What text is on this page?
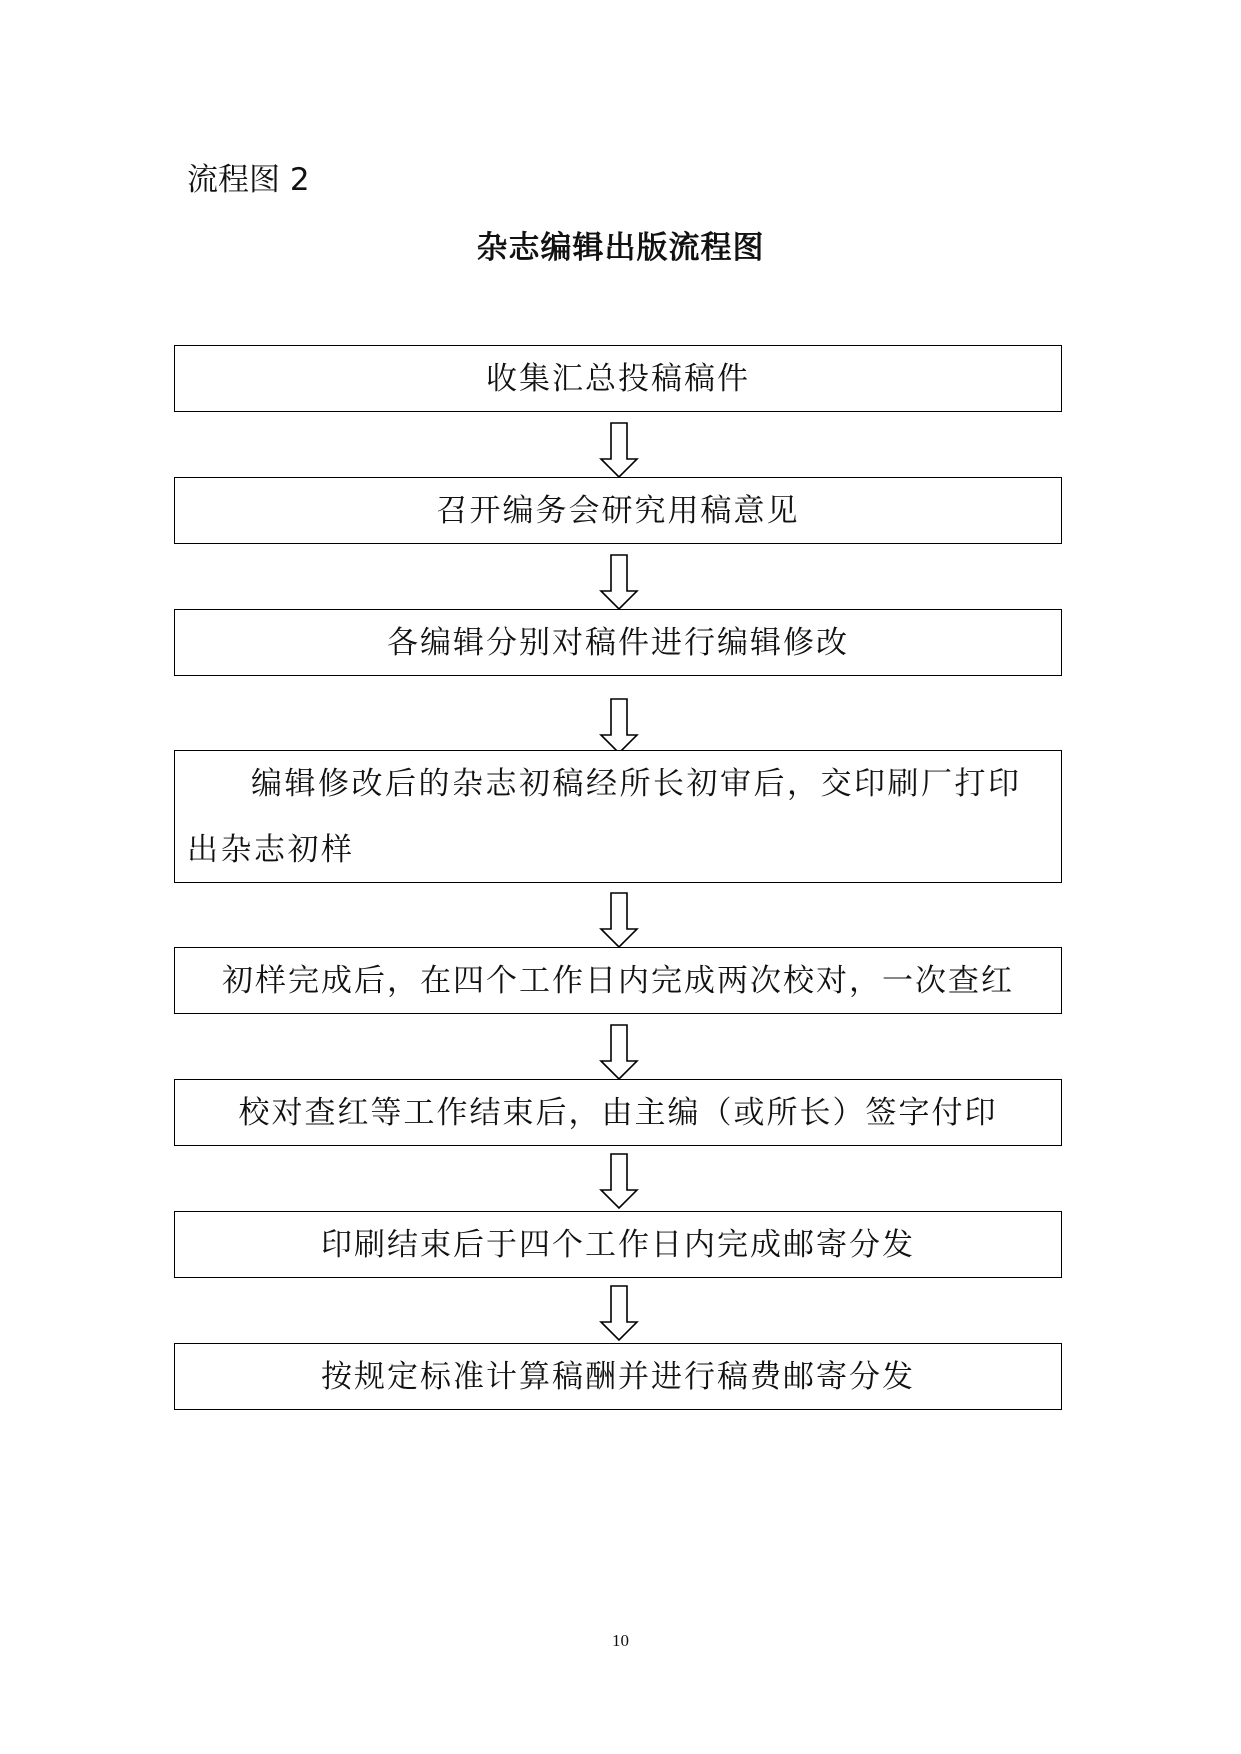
流程图 2
杂志编辑出版流程图
收集汇总投稿稿件
召开编务会研究用稿意见
各编辑分别对稿件进行编辑修改
编辑修改后的杂志初稿经所长初审后，交印刷厂打印出杂志初样
初样完成后，在四个工作日内完成两次校对，一次查红
校对查红等工作结束后，由主编（或所长）签字付印
印刷结束后于四个工作日内完成邮寄分发
按规定标准计算稿酬并进行稿费邮寄分发
10
